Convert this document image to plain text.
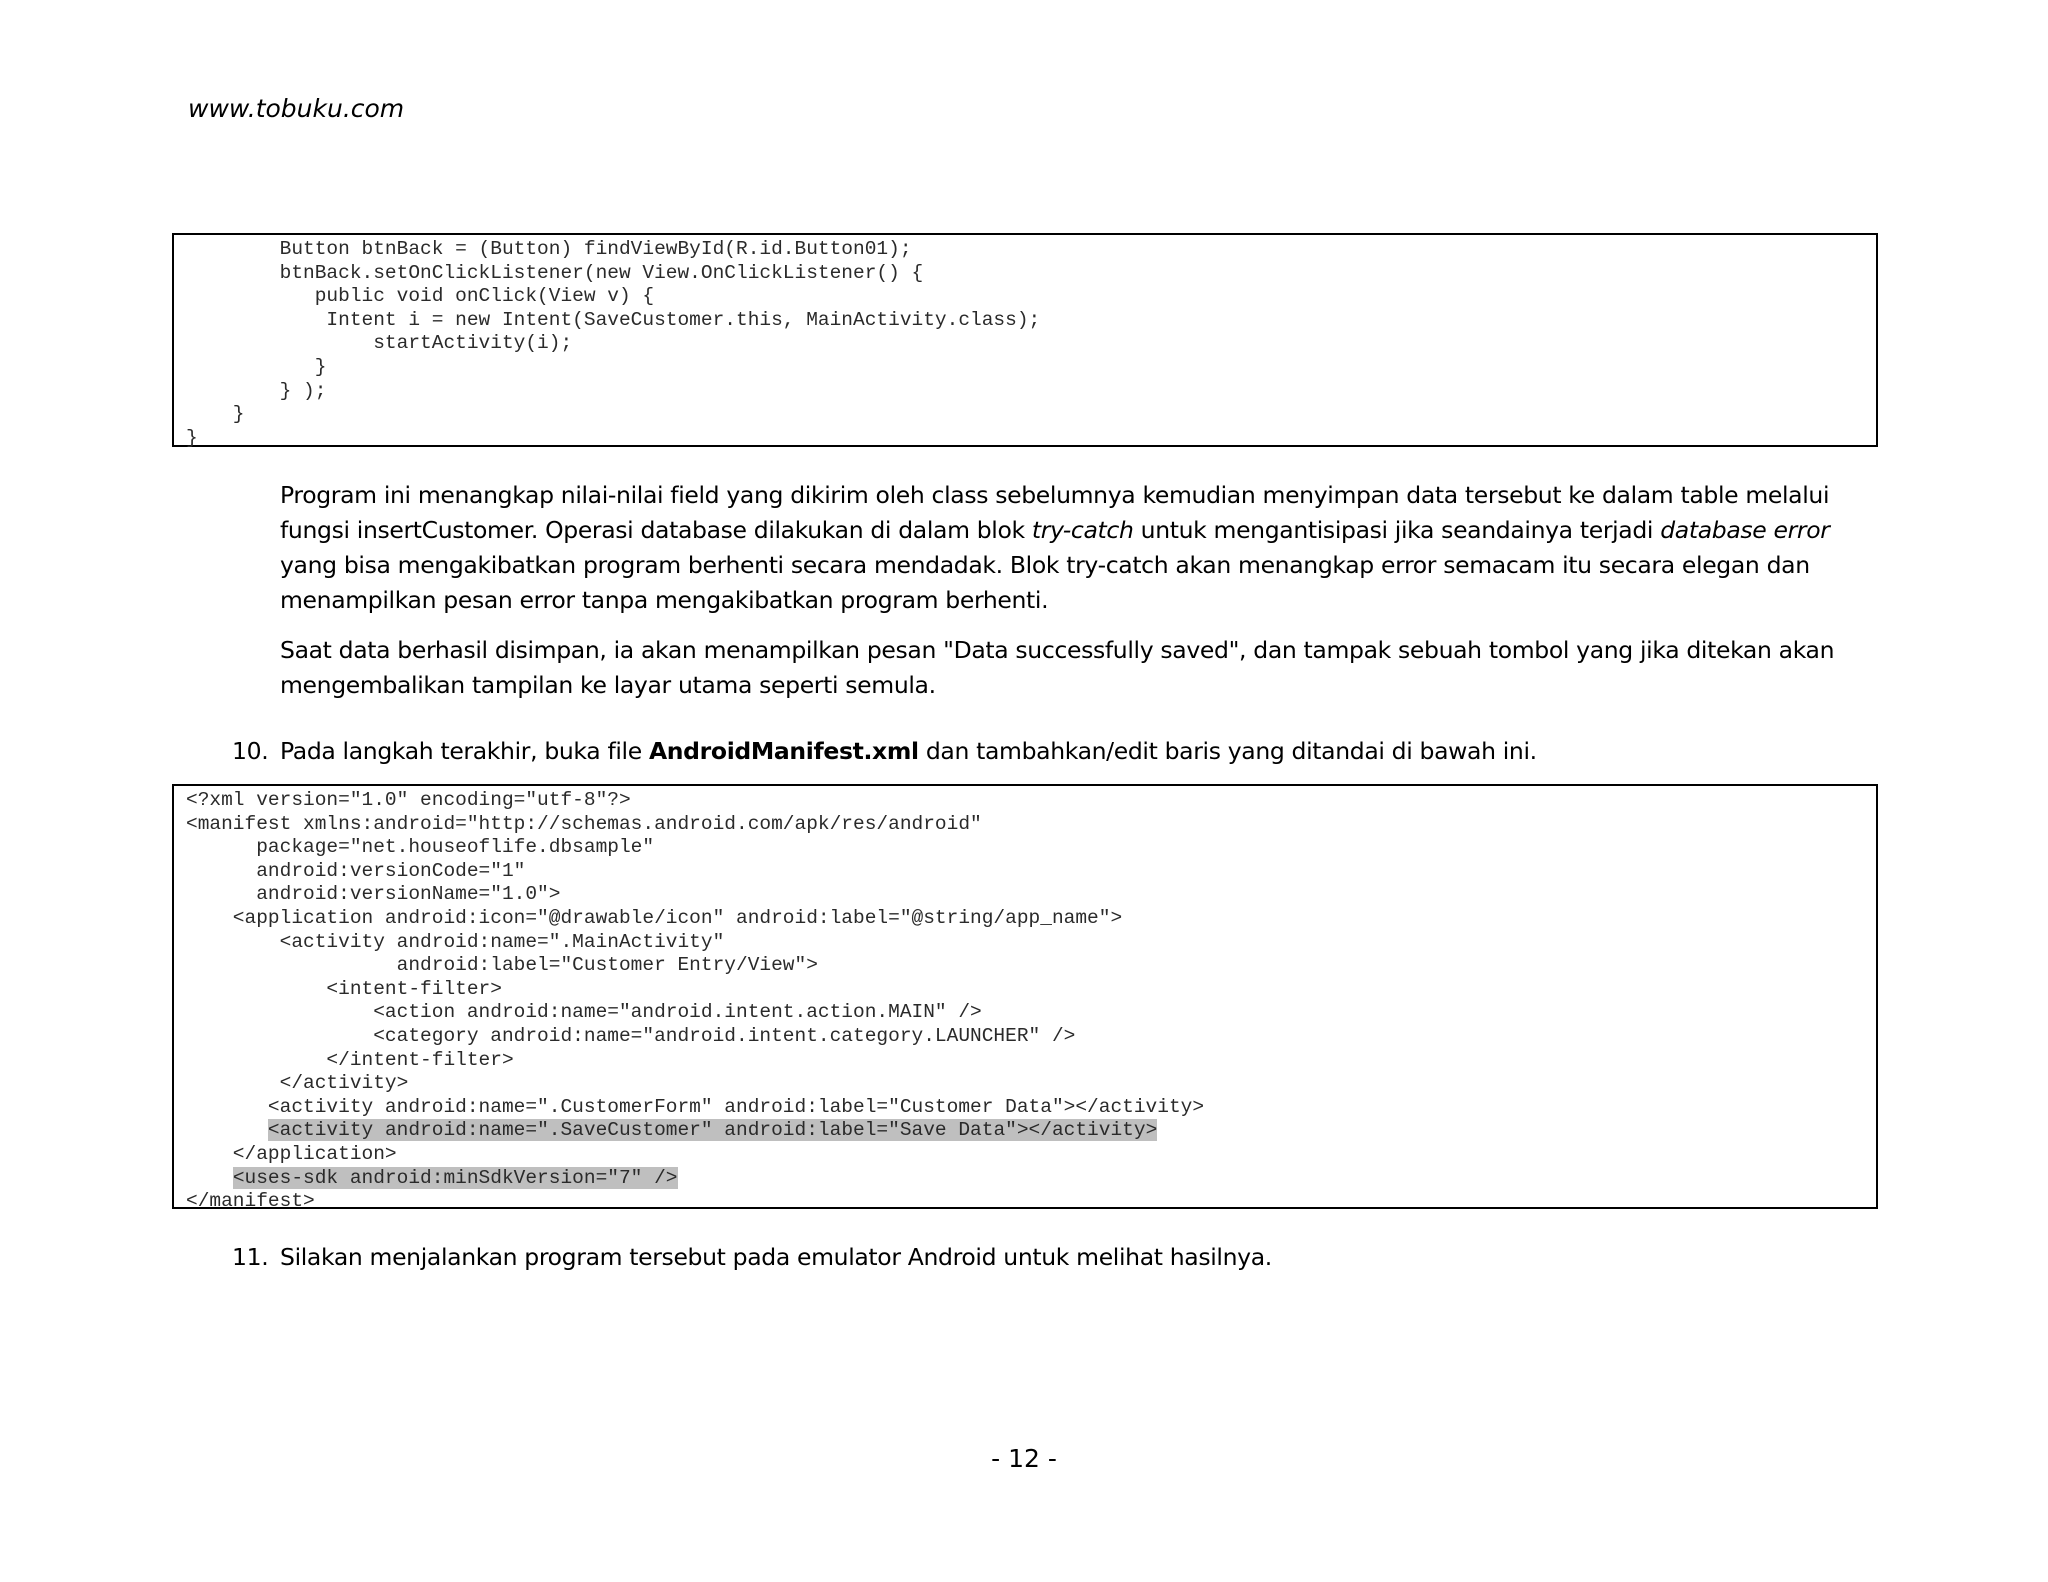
www.tobuku.com
Button btnBack = (Button) findViewById(R.id.Button01);
btnBack.setOnClickListener(new View.OnClickListener() {
public void onClick(View v) {
Intent i = new Intent(SaveCustomer.this, MainActivity.class);
startActivity(i);
}
} );
}
}
Program ini menangkap nilai-nilai field yang dikirim oleh class sebelumnya kemudian menyimpan data tersebut ke dalam table melalui fungsi insertCustomer. Operasi database dilakukan di dalam blok try-catch untuk mengantisipasi jika seandainya terjadi database error yang bisa mengakibatkan program berhenti secara mendadak. Blok try-catch akan menangkap error semacam itu secara elegan dan menampilkan pesan error tanpa mengakibatkan program berhenti.
Saat data berhasil disimpan, ia akan menampilkan pesan "Data successfully saved", dan tampak sebuah tombol yang jika ditekan akan mengembalikan tampilan ke layar utama seperti semula.
10. Pada langkah terakhir, buka file AndroidManifest.xml dan tambahkan/edit baris yang ditandai di bawah ini.
<?xml version="1.0" encoding="utf-8"?>
<manifest xmlns:android="http://schemas.android.com/apk/res/android"
package="net.houseoflife.dbsample"
android:versionCode="1"
android:versionName="1.0">
<application android:icon="@drawable/icon" android:label="@string/app_name">
<activity android:name=".MainActivity"
android:label="Customer Entry/View">
<intent-filter>
<action android:name="android.intent.action.MAIN" />
<category android:name="android.intent.category.LAUNCHER" />
</intent-filter>
</activity>
<activity android:name=".CustomerForm" android:label="Customer Data"></activity>
<activity android:name=".SaveCustomer" android:label="Save Data"></activity>
</application>
<uses-sdk android:minSdkVersion="7" />
</manifest>
11. Silakan menjalankan program tersebut pada emulator Android untuk melihat hasilnya.
- 12 -
